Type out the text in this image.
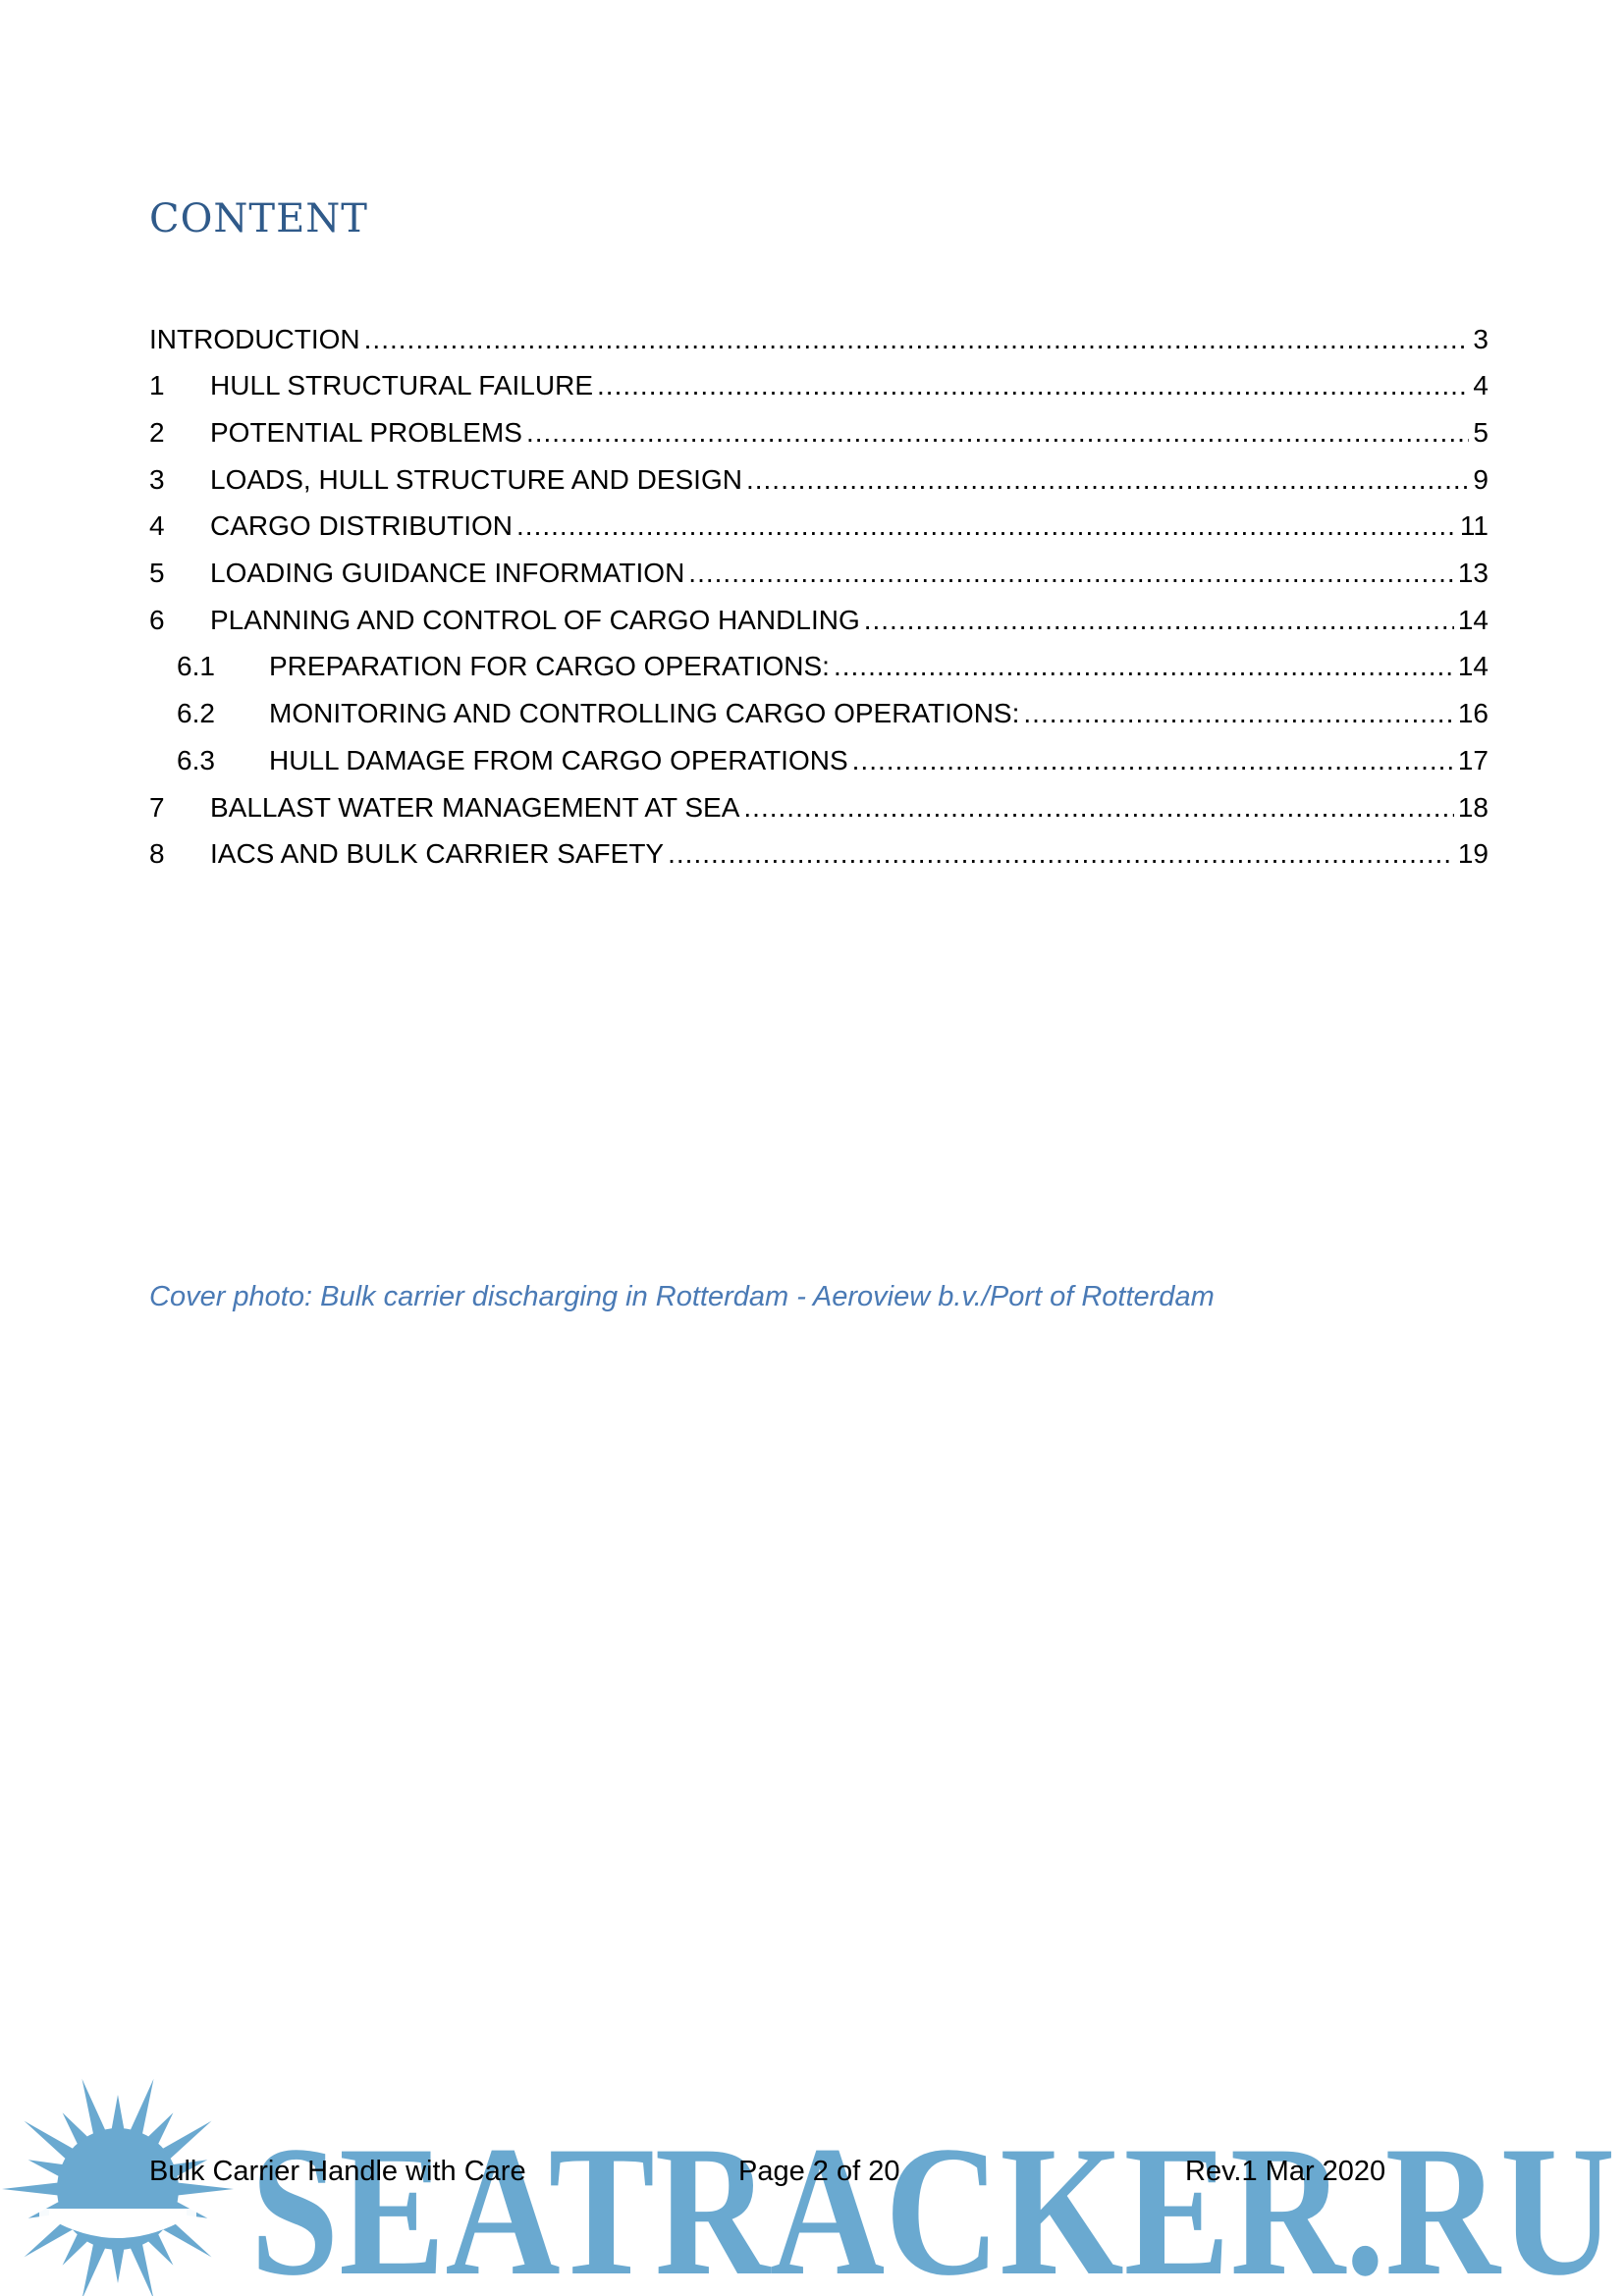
CONTENT
INTRODUCTION .....	3
1	HULL STRUCTURAL FAILURE .....	4
2	POTENTIAL PROBLEMS .....	5
3	LOADS, HULL STRUCTURE AND DESIGN .....	9
4	CARGO DISTRIBUTION .....	11
5	LOADING GUIDANCE INFORMATION .....	13
6	PLANNING AND CONTROL OF CARGO HANDLING .....	14
6.1	PREPARATION FOR CARGO OPERATIONS: .....	14
6.2	MONITORING AND CONTROLLING CARGO OPERATIONS: .....	16
6.3	HULL DAMAGE FROM CARGO OPERATIONS .....	17
7	BALLAST WATER MANAGEMENT AT SEA .....	18
8	IACS AND BULK CARRIER SAFETY .....	19
Cover photo: Bulk carrier discharging in Rotterdam - Aeroview b.v./Port of Rotterdam
SEATRACKER.RU
Bulk Carrier Handle with Care	Page 2 of 20	Rev.1 Mar 2020
